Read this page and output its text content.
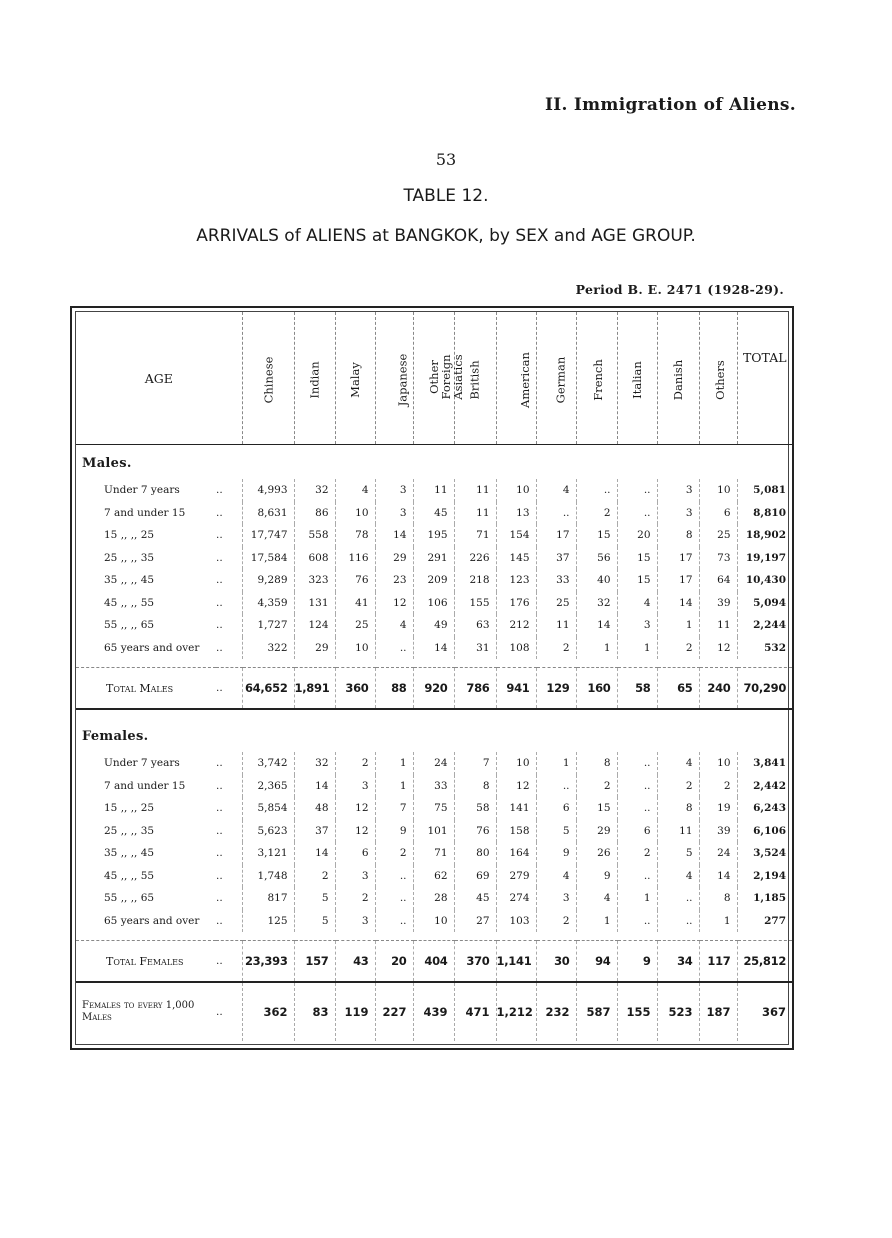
II. Immigration of Aliens.
53
TABLE 12.
ARRIVALS of ALIENS at BANGKOK, by SEX and AGE GROUP.
Period B. E. 2471 (1928-29).
AGE		Chinese	Indian	Malay	Japanese	Other Foreign Asiatics	British	American	German	French	Italian	Danish	Others	TOTAL
Males.														

Under 7 years	..	4,993	32	4	3	11	11	10	4	..	..	3	10	5,081
7 and under 15	..	8,631	86	10	3	45	11	13	..	2	..	3	6	8,810
15 ,, ,, 25	..	17,747	558	78	14	195	71	154	17	15	20	8	25	18,902
25 ,, ,, 35	..	17,584	608	116	29	291	226	145	37	56	15	17	73	19,197
35 ,, ,, 45	..	9,289	323	76	23	209	218	123	33	40	15	17	64	10,430
45 ,, ,, 55	..	4,359	131	41	12	106	155	176	25	32	4	14	39	5,094
55 ,, ,, 65	..	1,727	124	25	4	49	63	212	11	14	3	1	11	2,244
65 years and over	..	322	29	10	..	14	31	108	2	1	1	2	12	532

Total Males	..	64,652	1,891	360	88	920	786	941	129	160	58	65	240	70,290

Females.														

Under 7 years	..	3,742	32	2	1	24	7	10	1	8	..	4	10	3,841
7 and under 15	..	2,365	14	3	1	33	8	12	..	2	..	2	2	2,442
15 ,, ,, 25	..	5,854	48	12	7	75	58	141	6	15	..	8	19	6,243
25 ,, ,, 35	..	5,623	37	12	9	101	76	158	5	29	6	11	39	6,106
35 ,, ,, 45	..	3,121	14	6	2	71	80	164	9	26	2	5	24	3,524
45 ,, ,, 55	..	1,748	2	3	..	62	69	279	4	9	..	4	14	2,194
55 ,, ,, 65	..	817	5	2	..	28	45	274	3	4	1	..	8	1,185
65 years and over	..	125	5	3	..	10	27	103	2	1	..	..	1	277

Total Females	..	23,393	157	43	20	404	370	1,141	30	94	9	34	117	25,812
Females to every 1,000 Males	..	362	83	119	227	439	471	1,212	232	587	155	523	187	367
